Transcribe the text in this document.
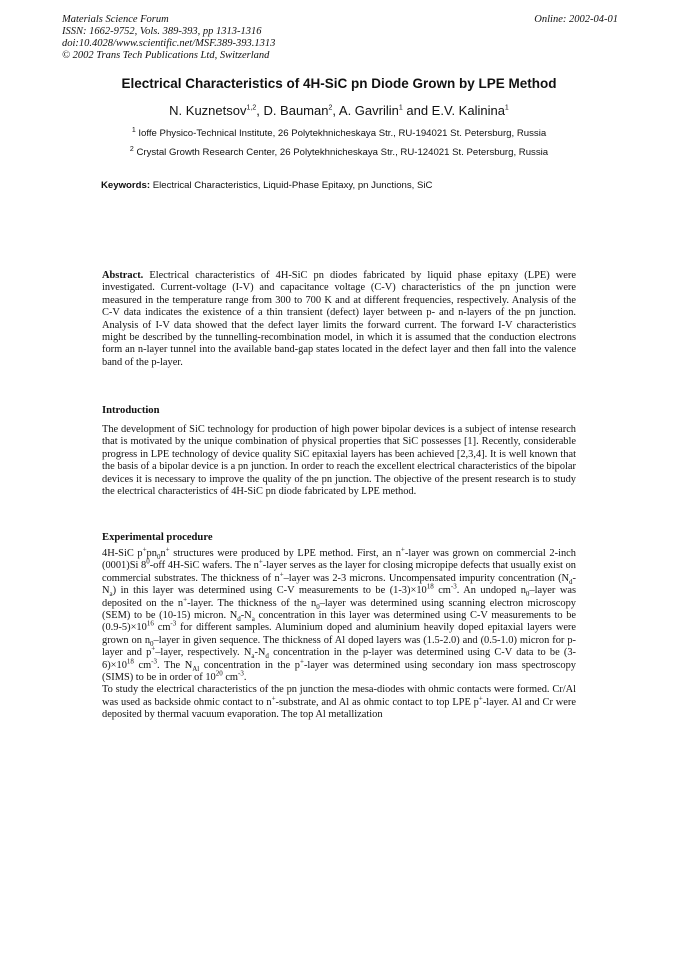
Materials Science Forum
ISSN: 1662-9752, Vols. 389-393, pp 1313-1316
doi:10.4028/www.scientific.net/MSF.389-393.1313
© 2002 Trans Tech Publications Ltd, Switzerland
Online: 2002-04-01
Electrical Characteristics of 4H-SiC pn Diode Grown by LPE Method
N. Kuznetsov$^{1,2}$, D. Bauman$^2$, A. Gavrilin$^1$ and E.V. Kalinina$^1$
$^1$ Ioffe Physico-Technical Institute, 26 Polytekhnicheskaya Str., RU-194021 St. Petersburg, Russia
$^2$ Crystal Growth Research Center, 26 Polytekhnicheskaya Str., RU-124021 St. Petersburg, Russia
Keywords: Electrical Characteristics, Liquid-Phase Epitaxy, pn Junctions, SiC
Abstract. Electrical characteristics of 4H-SiC pn diodes fabricated by liquid phase epitaxy (LPE) were investigated. Current-voltage (I-V) and capacitance voltage (C-V) characteristics of the pn junction were measured in the temperature range from 300 to 700 K and at different frequencies, respectively. Analysis of the C-V data indicates the existence of a thin transient (defect) layer between p- and n-layers of the pn junction. Analysis of I-V data showed that the defect layer limits the forward current. The forward I-V characteristics might be described by the tunnelling-recombination model, in which it is assumed that the conduction electrons form an n-layer tunnel into the available band-gap states located in the defect layer and then fall into the valence band of the p-layer.
Introduction
The development of SiC technology for production of high power bipolar devices is a subject of intense research that is motivated by the unique combination of physical properties that SiC possesses [1]. Recently, considerable progress in LPE technology of device quality SiC epitaxial layers has been achieved [2,3,4]. It is well known that the basis of a bipolar device is a pn junction. In order to reach the excellent electrical characteristics of the bipolar devices it is necessary to improve the quality of the pn junction. The objective of the present research is to study the electrical characteristics of 4H-SiC pn diode fabricated by LPE method.
Experimental procedure
4H-SiC $p^+pn_0n^+$ structures were produced by LPE method. First, an n+-layer was grown on commercial 2-inch (0001)Si $8^0$-off 4H-SiC wafers. The n+-layer serves as the layer for closing micropipe defects that usually exist on commercial substrates. The thickness of n+–layer was 2-3 microns. Uncompensated impurity concentration $(N_d-N_a)$ in this layer was determined using C-V measurements to be $(1-3)\times 10^{18}$ $cm^{-3}$. An undoped $n_0$–layer was deposited on the n+-layer. The thickness of the $n_0$–layer was determined using scanning electron microscopy (SEM) to be (10-15) micron. $N_d-N_a$ concentration in this layer was determined using C-V measurements to be $(0.9-5)\times 10^{16}$ $cm^{-3}$ for different samples. Aluminium doped and aluminium heavily doped epitaxial layers were grown on $n_0$–layer in given sequence. The thickness of Al doped layers was (1.5-2.0) and (0.5-1.0) micron for p-layer and p+–layer, respectively. $N_a-N_d$ concentration in the p-layer was determined using C-V data to be $(3-6)\times 10^{18}$ $cm^{-3}$. The $N_{Al}$ concentration in the p+-layer was determined using secondary ion mass spectroscopy (SIMS) to be in order of $10^{20}$ $cm^{-3}$.
To study the electrical characteristics of the pn junction the mesa-diodes with ohmic contacts were formed. Cr/Al was used as backside ohmic contact to n+-substrate, and Al as ohmic contact to top LPE p+-layer. Al and Cr were deposited by thermal vacuum evaporation. The top Al metallization
